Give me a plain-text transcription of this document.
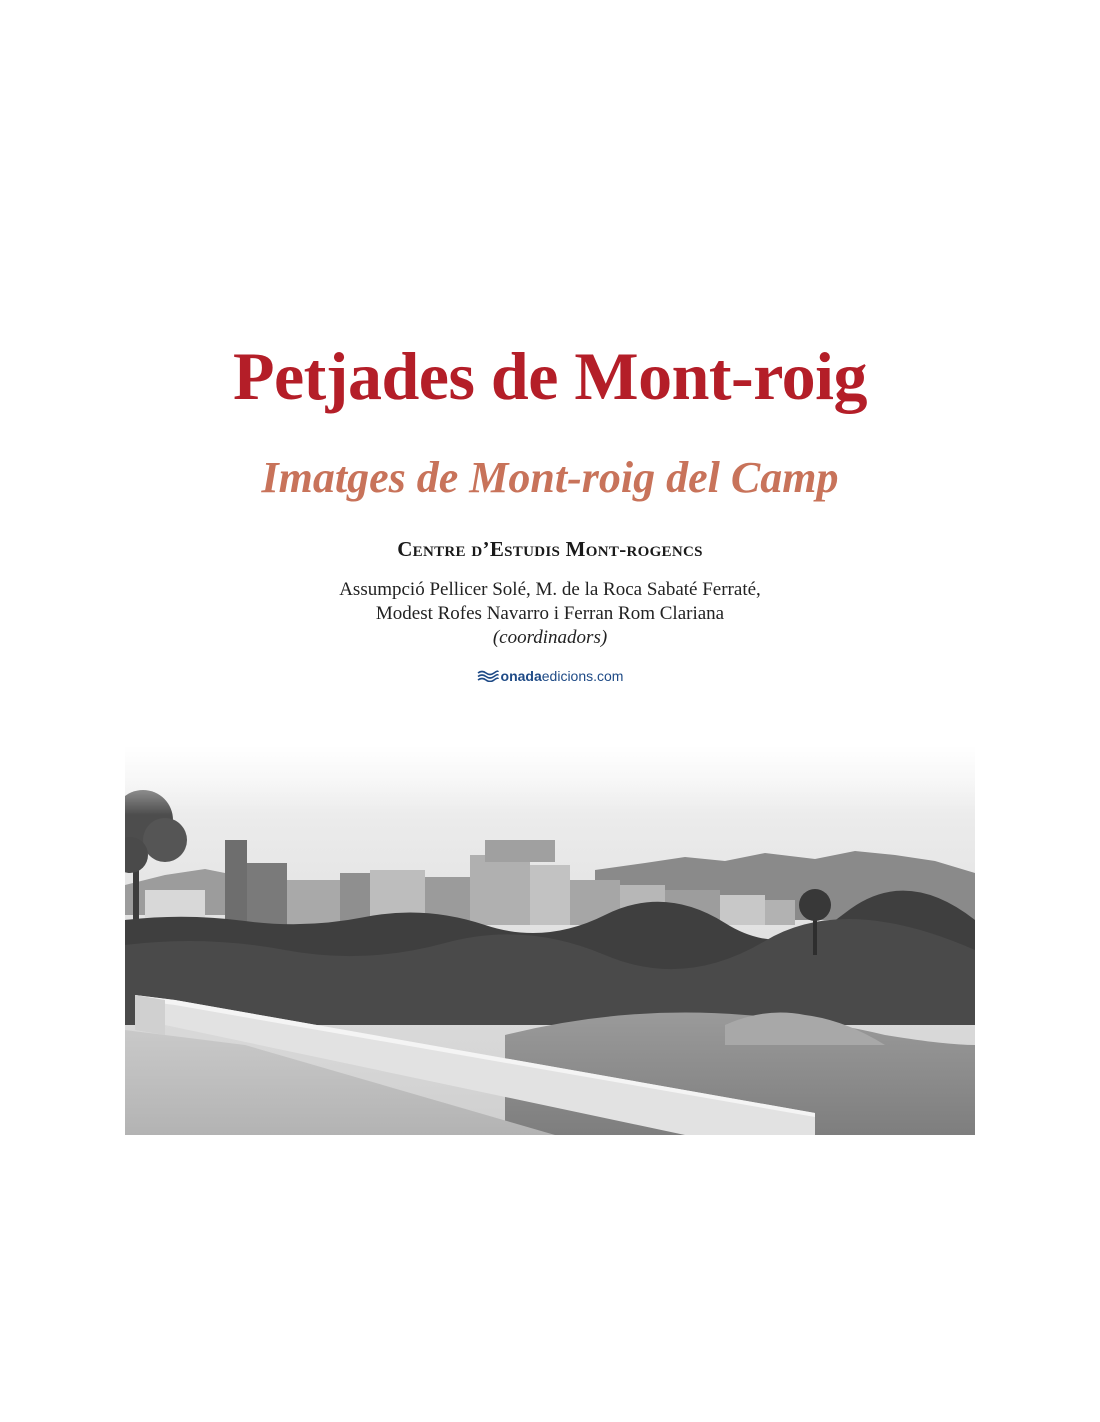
Petjades de Mont-roig
Imatges de Mont-roig del Camp
Centre d’Estudis Mont-rogencs
Assumpció Pellicer Solé, M. de la Roca Sabaté Ferraté,
Modest Rofes Navarro i Ferran Rom Clariana
(coordinadors)
onadaedicions.com
